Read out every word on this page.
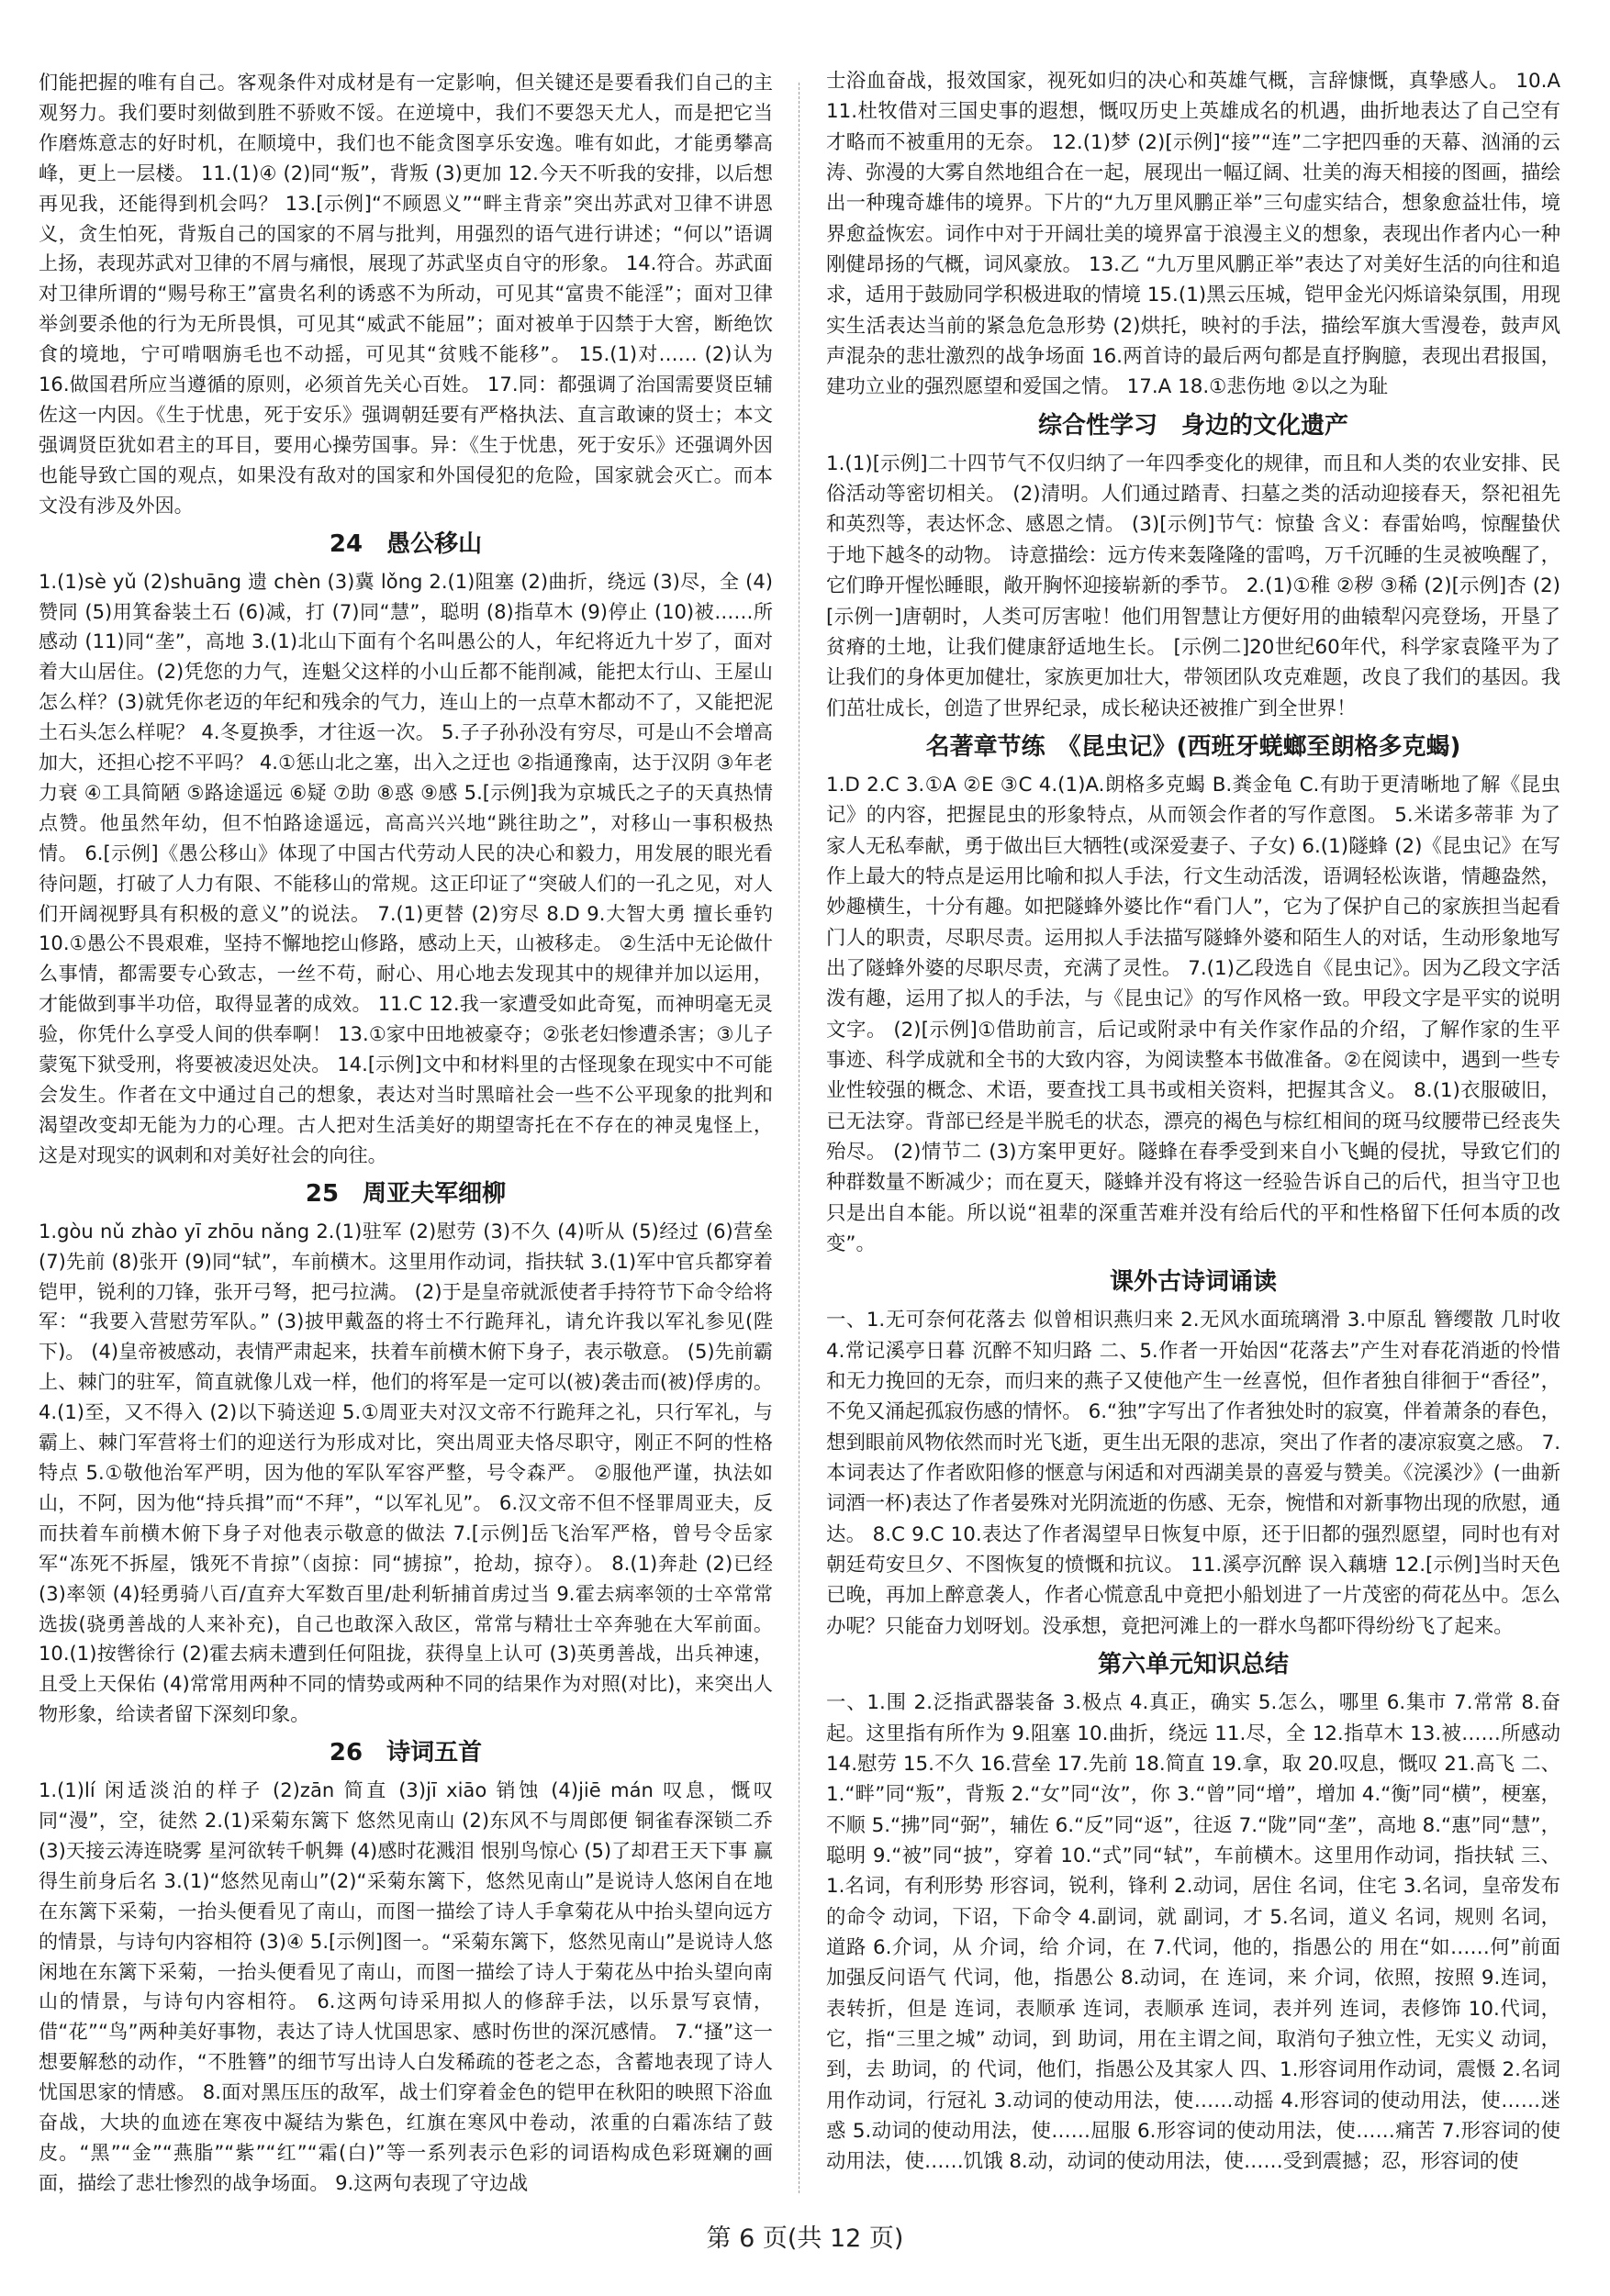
们能把握的唯有自己。客观条件对成材是有一定影响，但关键还是要看我们自己的主观努力。我们要时刻做到胜不骄败不馁。在逆境中，我们不要怨天尤人，而是把它当作磨炼意志的好时机，在顺境中，我们也不能贪图享乐安逸。唯有如此，才能勇攀高峰，更上一层楼。 11.(1)④ (2)同“叛”，背叛 (3)更加 12.今天不听我的安排，以后想再见我，还能得到机会吗？ 13.[示例]“不顾恩义”“畔主背亲”突出苏武对卫律不讲恩义，贪生怕死，背叛自己的国家的不屑与批判，用强烈的语气进行讲述；“何以”语调上扬，表现苏武对卫律的不屑与痛恨，展现了苏武坚贞自守的形象。 14.符合。苏武面对卫律所谓的“赐号称王”富贵名利的诱惑不为所动，可见其“富贵不能淫”；面对卫律举剑要杀他的行为无所畏惧，可见其“威武不能屈”；面对被单于囚禁于大窖，断绝饮食的境地，宁可啃咽旃毛也不动摇，可见其“贫贱不能移”。 15.(1)对…… (2)认为 16.做国君所应当遵循的原则，必须首先关心百姓。 17.同：都强调了治国需要贤臣辅佐这一内因。《生于忧患，死于安乐》强调朝廷要有严格执法、直言敢谏的贤士；本文强调贤臣犹如君主的耳目，要用心操劳国事。异：《生于忧患，死于安乐》还强调外因也能导致亡国的观点，如果没有敌对的国家和外国侵犯的危险，国家就会灭亡。而本文没有涉及外因。

24　愚公移山

1.(1)sè yǔ (2)shuāng 遗 chèn (3)冀 lǒng 2.(1)阻塞 (2)曲折，绕远 (3)尽，全 (4)赞同 (5)用箕畚装土石 (6)减，打 (7)同“慧”，聪明 (8)指草木 (9)停止 (10)被……所感动 (11)同“垄”，高地 3.(1)北山下面有个名叫愚公的人，年纪将近九十岁了，面对着大山居住。(2)凭您的力气，连魁父这样的小山丘都不能削减，能把太行山、王屋山怎么样？(3)就凭你老迈的年纪和残余的气力，连山上的一点草木都动不了，又能把泥土石头怎么样呢？ 4.冬夏换季，才往返一次。 5.子子孙孙没有穷尽，可是山不会增高加大，还担心挖不平吗？ 4.①惩山北之塞，出入之迂也 ②指通豫南，达于汉阴 ③年老力衰 ④工具简陋 ⑤路途遥远 ⑥疑 ⑦助 ⑧惑 ⑨感 5.[示例]我为京城氏之子的天真热情点赞。他虽然年幼，但不怕路途遥远，高高兴兴地“跳往助之”，对移山一事积极热情。 6.[示例]《愚公移山》体现了中国古代劳动人民的决心和毅力，用发展的眼光看待问题，打破了人力有限、不能移山的常规。这正印证了“突破人们的一孔之见，对人们开阔视野具有积极的意义”的说法。 7.(1)更替 (2)穷尽 8.D 9.大智大勇 擅长垂钓 10.①愚公不畏艰难，坚持不懈地挖山修路，感动上天，山被移走。 ②生活中无论做什么事情，都需要专心致志，一丝不苟，耐心、用心地去发现其中的规律并加以运用，才能做到事半功倍，取得显著的成效。 11.C 12.我一家遭受如此奇冤，而神明毫无灵验，你凭什么享受人间的供奉啊！ 13.①家中田地被豪夺；②张老妇惨遭杀害；③儿子蒙冤下狱受刑，将要被凌迟处决。 14.[示例]文中和材料里的古怪现象在现实中不可能会发生。作者在文中通过自己的想象，表达对当时黑暗社会一些不公平现象的批判和渴望改变却无能为力的心理。古人把对生活美好的期望寄托在不存在的神灵鬼怪上，这是对现实的讽刺和对美好社会的向往。

25　周亚夫军细柳

1.gòu nǔ zhào yī zhōu nǎng 2.(1)驻军 (2)慰劳 (3)不久 (4)听从 (5)经过 (6)营垒 (7)先前 (8)张开 (9)同“轼”，车前横木。这里用作动词，指扶轼 3.(1)军中官兵都穿着铠甲，锐利的刀锋，张开弓弩，把弓拉满。 (2)于是皇帝就派使者手持符节下命令给将军：“我要入营慰劳军队。” (3)披甲戴盔的将士不行跪拜礼，请允许我以军礼参见(陛下)。 (4)皇帝被感动，表情严肃起来，扶着车前横木俯下身子，表示敬意。 (5)先前霸上、棘门的驻军，简直就像儿戏一样，他们的将军是一定可以(被)袭击而(被)俘虏的。 4.(1)至，又不得入 (2)以下骑送迎 5.①周亚夫对汉文帝不行跪拜之礼，只行军礼，与霸上、棘门军营将士们的迎送行为形成对比，突出周亚夫恪尽职守，刚正不阿的性格特点 5.①敬他治军严明，因为他的军队军容严整，号令森严。 ②服他严谨，执法如山，不阿，因为他“持兵揖”而“不拜”，“以军礼见”。 6.汉文帝不但不怪罪周亚夫，反而扶着车前横木俯下身子对他表示敬意的做法 7.[示例]岳飞治军严格，曾号令岳家军“冻死不拆屋，饿死不肯掠”（卤掠：同“掳掠”，抢劫，掠夺）。 8.(1)奔赴 (2)已经 (3)率领 (4)轻勇骑八百/直弃大军数百里/赴利斩捕首虏过当 9.霍去病率领的士卒常常选拔(骁勇善战的人来补充)，自己也敢深入敌区，常常与精壮士卒奔驰在大军前面。 10.(1)按辔徐行 (2)霍去病未遭到任何阻拢，获得皇上认可 (3)英勇善战，出兵神速，且受上天保佑 (4)常常用两种不同的情势或两种不同的结果作为对照(对比)，来突出人物形象，给读者留下深刻印象。

26　诗词五首

1.(1)lí 闲适淡泊的样子 (2)zān 简直 (3)jī xiāo 销蚀 (4)jiē mán 叹息，慨叹 同“漫”，空，徒然 2.(1)采菊东篱下 悠然见南山 (2)东风不与周郎便 铜雀春深锁二乔 (3)天接云涛连晓雾 星河欲转千帆舞 (4)感时花溅泪 恨别鸟惊心 (5)了却君王天下事 赢得生前身后名 3.(1)“悠然见南山”(2)“采菊东篱下，悠然见南山”是说诗人悠闲自在地在东篱下采菊，一抬头便看见了南山，而图一描绘了诗人手拿菊花从中抬头望向远方的情景，与诗句内容相符 (3)④ 5.[示例]图一。“采菊东篱下，悠然见南山”是说诗人悠闲地在东篱下采菊，一抬头便看见了南山，而图一描绘了诗人于菊花丛中抬头望向南山的情景，与诗句内容相符。 6.这两句诗采用拟人的修辞手法，以乐景写哀情，借“花”“鸟”两种美好事物，表达了诗人忧国思家、感时伤世的深沉感情。 7.“搔”这一想要解愁的动作，“不胜簪”的细节写出诗人白发稀疏的苍老之态，含蓄地表现了诗人忧国思家的情感。 8.面对黑压压的敌军，战士们穿着金色的铠甲在秋阳的映照下浴血奋战，大块的血迹在寒夜中凝结为紫色，红旗在寒风中卷动，浓重的白霜冻结了鼓皮。“黑”“金”“燕脂”“紫”“红”“霜(白)”等一系列表示色彩的词语构成色彩斑斓的画面，描绘了悲壮惨烈的战争场面。 9.这两句表现了守边战

士浴血奋战，报效国家，视死如归的决心和英雄气概，言辞慷慨，真挚感人。 10.A 11.杜牧借对三国史事的遐想，慨叹历史上英雄成名的机遇，曲折地表达了自己空有才略而不被重用的无奈。 12.(1)梦 (2)[示例]“接”“连”二字把四垂的天幕、汹涌的云涛、弥漫的大雾自然地组合在一起，展现出一幅辽阔、壮美的海天相接的图画，描绘出一种瑰奇雄伟的境界。下片的“九万里风鹏正举”三句虚实结合，想象愈益壮伟，境界愈益恢宏。词作中对于开阔壮美的境界富于浪漫主义的想象，表现出作者内心一种刚健昂扬的气概，词风豪放。 13.乙 “九万里风鹏正举”表达了对美好生活的向往和追求，适用于鼓励同学积极进取的情境 15.(1)黑云压城，铠甲金光闪烁谙染氛围，用现实生活表达当前的紧急危急形势 (2)烘托，映衬的手法，描绘军旗大雪漫卷，鼓声风声混杂的悲壮激烈的战争场面 16.两首诗的最后两句都是直抒胸臆，表现出君报国，建功立业的强烈愿望和爱国之情。 17.A 18.①悲伤地 ②以之为耻

综合性学习　身边的文化遗产

1.(1)[示例]二十四节气不仅归纳了一年四季变化的规律，而且和人类的农业安排、民俗活动等密切相关。 (2)清明。人们通过踏青、扫墓之类的活动迎接春天，祭祀祖先和英烈等，表达怀念、感恩之情。 (3)[示例]节气：惊蛰 含义：春雷始鸣，惊醒蛰伏于地下越冬的动物。 诗意描绘：远方传来轰隆隆的雷鸣，万千沉睡的生灵被唤醒了，它们睁开惺忪睡眼，敞开胸怀迎接崭新的季节。 2.(1)①稚 ②秽 ③稀 (2)[示例]杏 (2)[示例一]唐朝时，人类可厉害啦！他们用智慧让方便好用的曲辕犁闪亮登场，开垦了贫瘠的土地，让我们健康舒适地生长。 [示例二]20世纪60年代，科学家袁隆平为了让我们的身体更加健壮，家族更加壮大，带领团队攻克难题，改良了我们的基因。我们茁壮成长，创造了世界纪录，成长秘诀还被推广到全世界！

名著章节练　《昆虫记》(西班牙蜣螂至朗格多克蝎)

1.D 2.C 3.①A ②E ③C 4.(1)A.朗格多克蝎 B.粪金龟 C.有助于更清晰地了解《昆虫记》的内容，把握昆虫的形象特点，从而领会作者的写作意图。 5.米诺多蒂菲 为了家人无私奉献，勇于做出巨大牺牲(或深爱妻子、子女) 6.(1)隧蜂 (2)《昆虫记》在写作上最大的特点是运用比喻和拟人手法，行文生动活泼，语调轻松诙谐，情趣盎然，妙趣横生，十分有趣。如把隧蜂外婆比作“看门人”，它为了保护自己的家族担当起看门人的职责，尽职尽责。运用拟人手法描写隧蜂外婆和陌生人的对话，生动形象地写出了隧蜂外婆的尽职尽责，充满了灵性。 7.(1)乙段选自《昆虫记》。因为乙段文字活泼有趣，运用了拟人的手法，与《昆虫记》的写作风格一致。甲段文字是平实的说明文字。 (2)[示例]①借助前言，后记或附录中有关作家作品的介绍，了解作家的生平事迹、科学成就和全书的大致内容，为阅读整本书做准备。②在阅读中，遇到一些专业性较强的概念、术语，要查找工具书或相关资料，把握其含义。 8.(1)衣服破旧，已无法穿。背部已经是半脱毛的状态，漂亮的褐色与棕红相间的斑马纹腰带已经丧失殆尽。 (2)情节二 (3)方案甲更好。隧蜂在春季受到来自小飞蝇的侵扰，导致它们的种群数量不断减少；而在夏天，隧蜂并没有将这一经验告诉自己的后代，担当守卫也只是出自本能。所以说“祖辈的深重苦难并没有给后代的平和性格留下任何本质的改变”。

课外古诗词诵读

一、1.无可奈何花落去 似曾相识燕归来 2.无风水面琉璃滑 3.中原乱 簪缨散 几时收 4.常记溪亭日暮 沉醉不知归路 二、5.作者一开始因“花落去”产生对春花消逝的怜惜和无力挽回的无奈，而归来的燕子又使他产生一丝喜悦，但作者独自徘徊于“香径”，不免又涌起孤寂伤感的情怀。 6.“独”字写出了作者独处时的寂寞，伴着萧条的春色，想到眼前风物依然而时光飞逝，更生出无限的悲凉，突出了作者的凄凉寂寞之感。 7.本词表达了作者欧阳修的惬意与闲适和对西湖美景的喜爱与赞美。《浣溪沙》(一曲新词酒一杯)表达了作者晏殊对光阴流逝的伤感、无奈，惋惜和对新事物出现的欣慰，通达。 8.C 9.C 10.表达了作者渴望早日恢复中原，还于旧都的强烈愿望，同时也有对朝廷苟安旦夕、不图恢复的愤慨和抗议。 11.溪亭沉醉 误入藕塘 12.[示例]当时天色已晚，再加上醉意袭人，作者心慌意乱中竟把小船划进了一片茂密的荷花丛中。怎么办呢？只能奋力划呀划。没承想，竟把河滩上的一群水鸟都吓得纷纷飞了起来。

第六单元知识总结

一、1.围 2.泛指武器装备 3.极点 4.真正，确实 5.怎么，哪里 6.集市 7.常常 8.奋起。这里指有所作为 9.阻塞 10.曲折，绕远 11.尽，全 12.指草木 13.被……所感动 14.慰劳 15.不久 16.营垒 17.先前 18.简直 19.拿，取 20.叹息，慨叹 21.高飞 二、1.“畔”同“叛”，背叛 2.“女”同“汝”，你 3.“曾”同“增”，增加 4.“衡”同“横”，梗塞，不顺 5.“拂”同“弼”，辅佐 6.“反”同“返”，往返 7.“陇”同“垄”，高地 8.“惠”同“慧”，聪明 9.“被”同“披”，穿着 10.“式”同“轼”，车前横木。这里用作动词，指扶轼 三、1.名词，有利形势 形容词，锐利，锋利 2.动词，居住 名词，住宅 3.名词，皇帝发布的命令 动词，下诏，下命令 4.副词，就 副词，才 5.名词，道义 名词，规则 名词，道路 6.介词，从 介词，给 介词，在 7.代词，他的，指愚公的 用在“如……何”前面加强反问语气 代词，他，指愚公 8.动词，在 连词，来 介词，依照，按照 9.连词，表转折，但是 连词，表顺承 连词，表顺承 连词，表并列 连词，表修饰 10.代词，它，指“三里之城” 动词，到 助词，用在主谓之间，取消句子独立性，无实义 动词，到，去 助词，的 代词，他们，指愚公及其家人 四、1.形容词用作动词，震慑 2.名词用作动词，行冠礼 3.动词的使动用法，使……动摇 4.形容词的使动用法，使……迷惑 5.动词的使动用法，使……屈服 6.形容词的使动用法，使……痛苦 7.形容词的使动用法，使……饥饿 8.动，动词的使动用法，使……受到震撼；忍，形容词的使

第 6 页(共 12 页)
